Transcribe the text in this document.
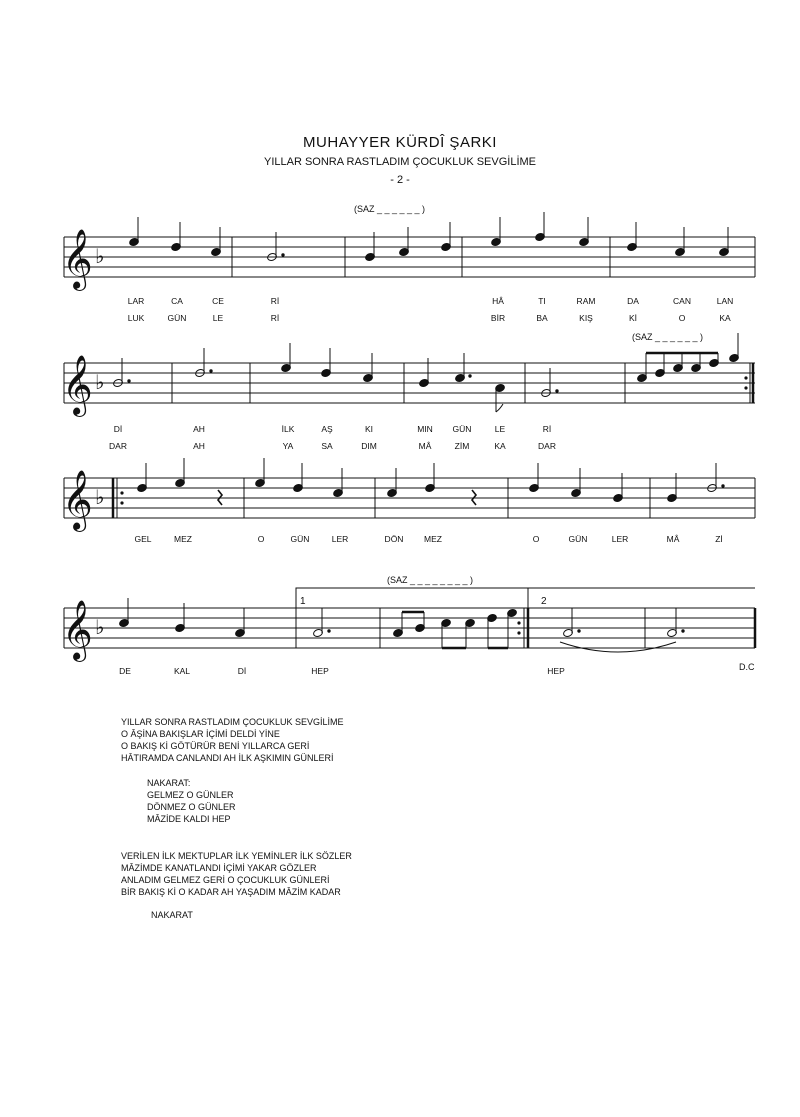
MUHAYYER KÜRDÎ ŞARKI
YILLAR SONRA RASTLADIM ÇOCUKLUK SEVGİLİME
- 2 -
(SAZ _ _ _ _ _ _ )
(SAZ _ _ _ _ _ _ )
(SAZ _ _ _ _ _ _ _ _ )
𝄞
𝄞
𝄞
𝄞
♭
♭
♭
♭
1	2
LAR	CA	CE	Rİ	HÂ	TI	RAM	DA	CAN	LAN
LUK	GÜN	LE	Rİ	BİR	BA	KIŞ	Kİ	O	KA
Dİ	AH	İLK	AŞ	KI	MIN GÜN	LE	Rİ
DAR	AH	YA	SA	DIM	MÂ	ZİM	KA	DAR
GEL	MEZ	O	GÜN	LER	DÖN MEZ	O	GÜN	LER	MÂ	Zİ
DE	KAL	Dİ	HEP	HEP	D.C
YILLAR SONRA RASTLADIM ÇOCUKLUK SEVGİLİME
O ÂŞİNA BAKIŞLAR İÇİMİ DELDİ YİNE
O BAKIŞ Kİ GÖTÜRÜR BENİ YILLARCA GERİ
HÂTIRAMDA CANLANDI AH İLK AŞKIMIN GÜNLERİ
NAKARAT:
GELMEZ O GÜNLER
DÖNMEZ O GÜNLER
MÂZİDE KALDI HEP
VERİLEN İLK MEKTUPLAR İLK YEMİNLER İLK SÖZLER
MÂZİMDE KANATLANDI İÇİMİ YAKAR GÖZLER
ANLADIM GELMEZ GERİ O ÇOCUKLUK GÜNLERİ
BİR BAKIŞ Kİ O KADAR AH YAŞADIM MÂZİM KADAR
NAKARAT
